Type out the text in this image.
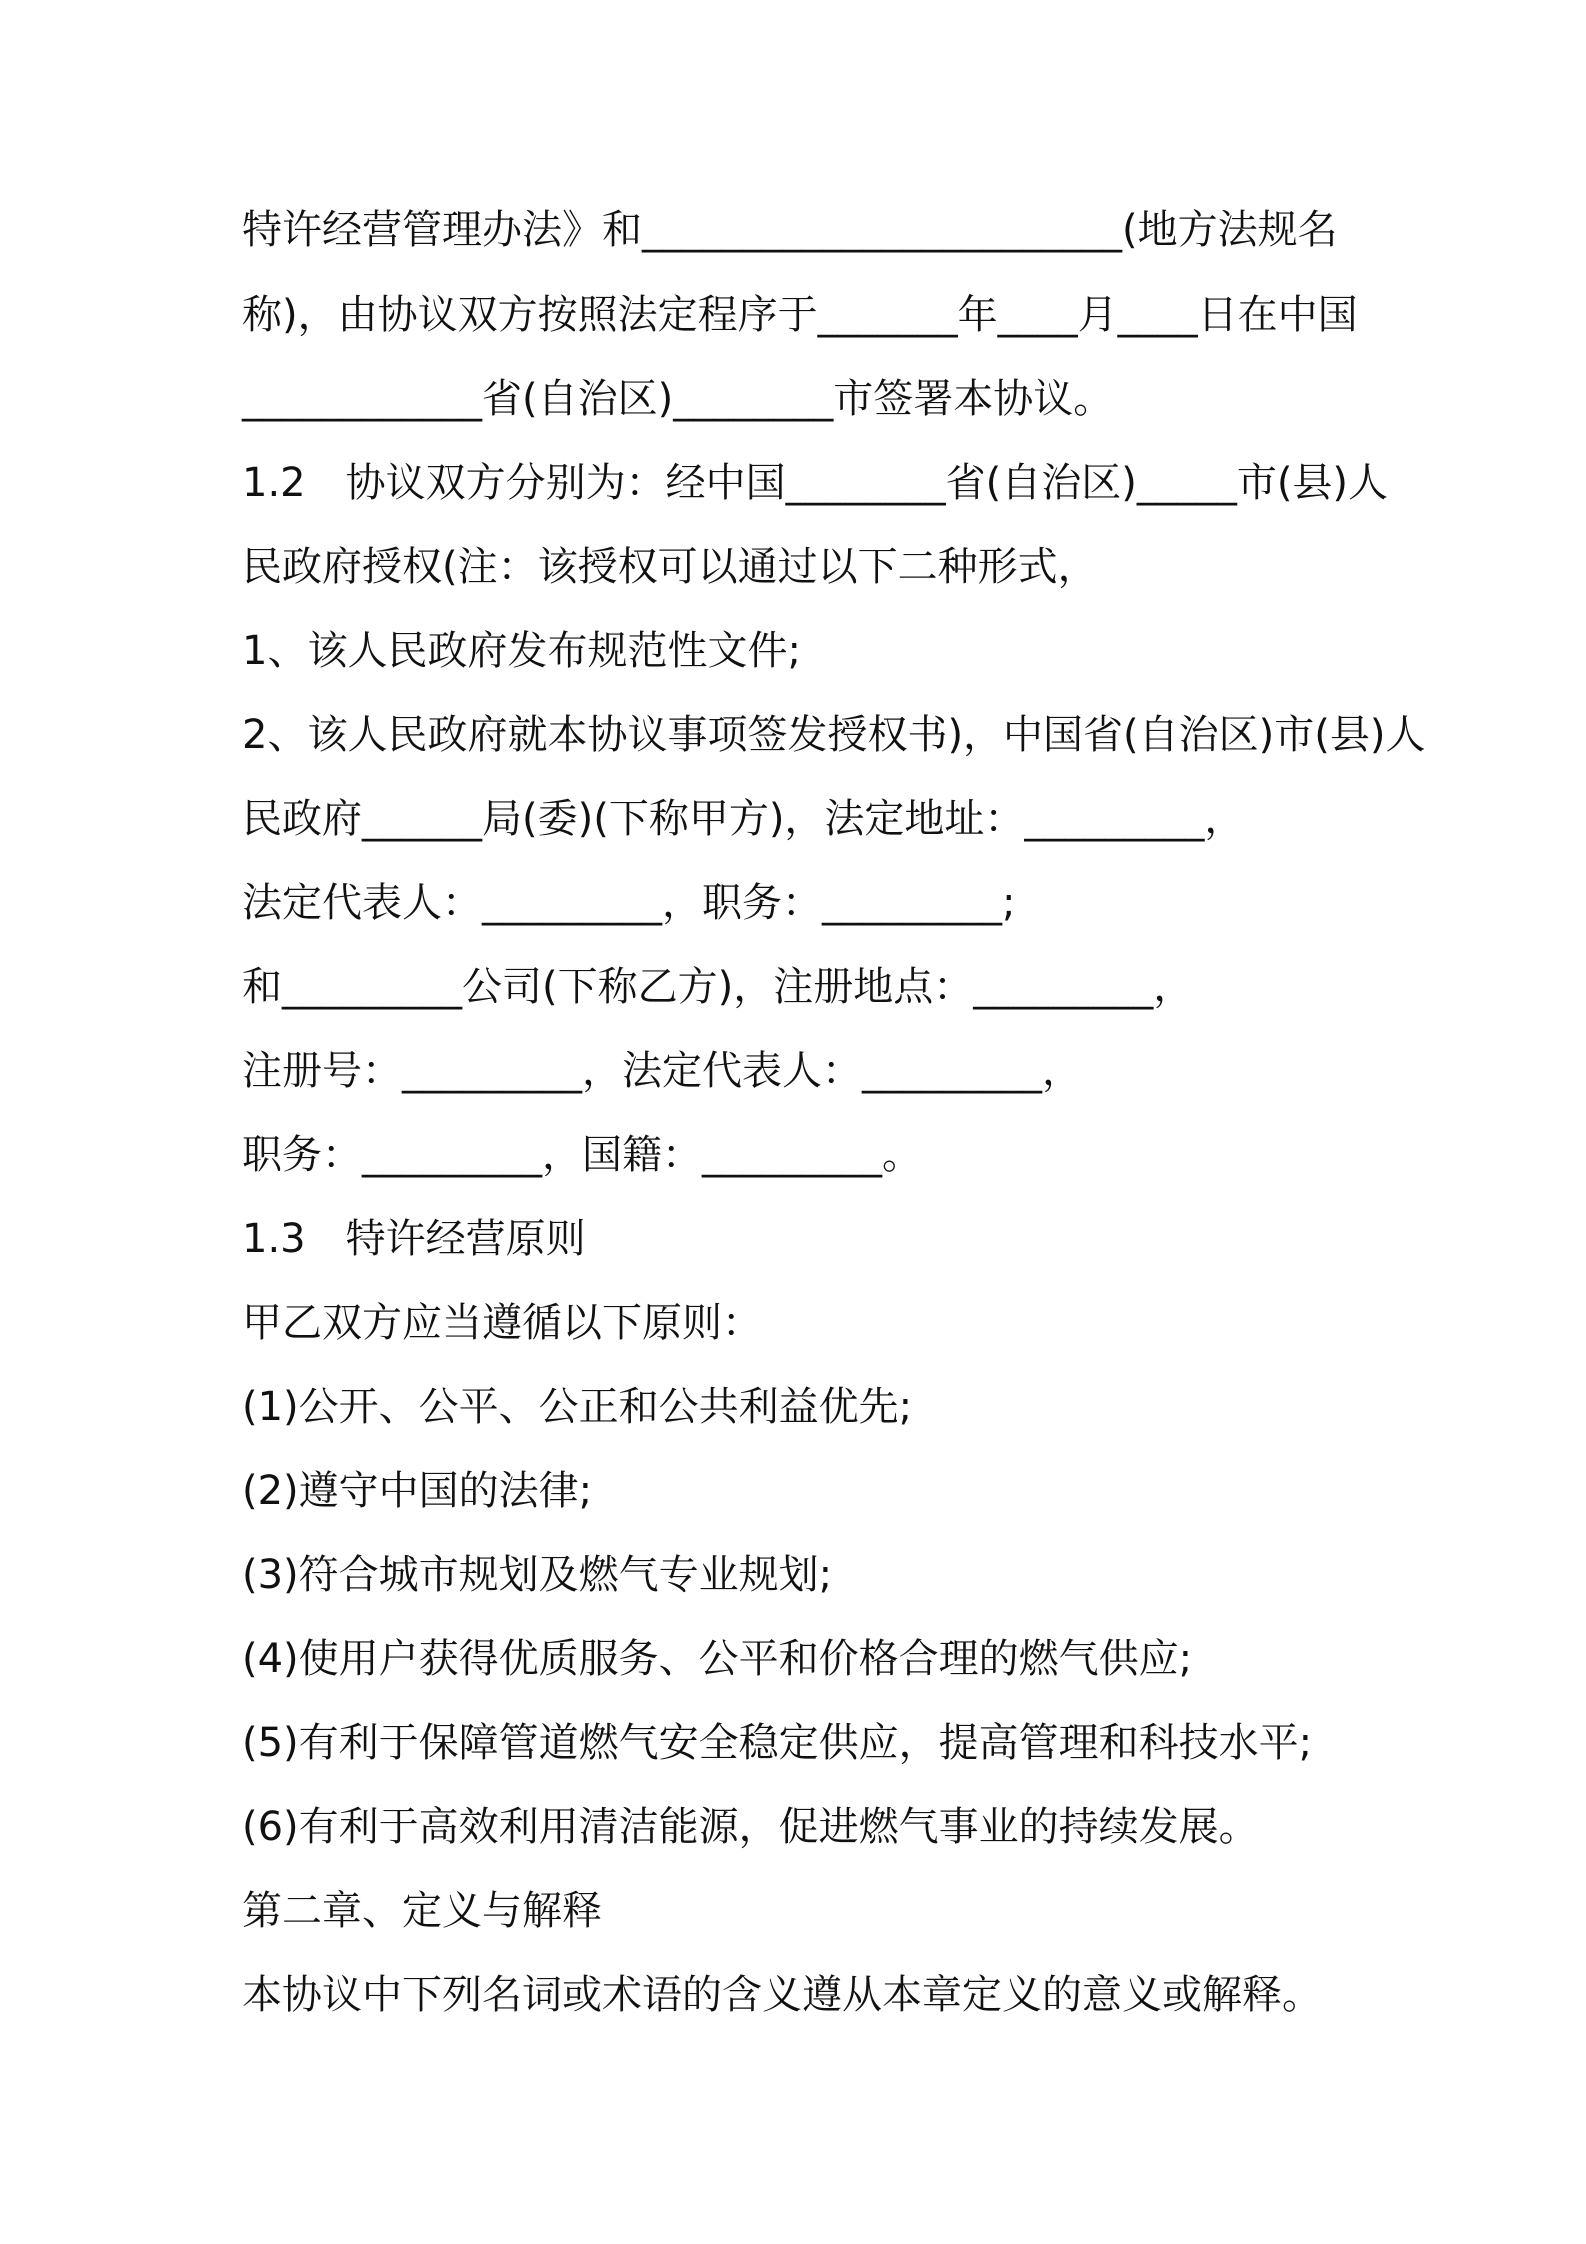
特许经营管理办法》和________________________(地方法规名
称)，由协议双方按照法定程序于_______年____月____日在中国
____________省(自治区)________市签署本协议。
1.2　协议双方分别为：经中国________省(自治区)_____市(县)人
民政府授权(注：该授权可以通过以下二种形式，
1、该人民政府发布规范性文件;
2、该人民政府就本协议事项签发授权书)，中国省(自治区)市(县)人
民政府______局(委)(下称甲方)，法定地址：_________，
法定代表人：_________，职务：_________;
和_________公司(下称乙方)，注册地点：_________，
注册号：_________，法定代表人：_________，
职务：_________，国籍：_________。
1.3　特许经营原则
甲乙双方应当遵循以下原则：
(1)公开、公平、公正和公共利益优先;
(2)遵守中国的法律;
(3)符合城市规划及燃气专业规划;
(4)使用户获得优质服务、公平和价格合理的燃气供应;
(5)有利于保障管道燃气安全稳定供应，提高管理和科技水平;
(6)有利于高效利用清洁能源，促进燃气事业的持续发展。
第二章、定义与解释
本协议中下列名词或术语的含义遵从本章定义的意义或解释。
